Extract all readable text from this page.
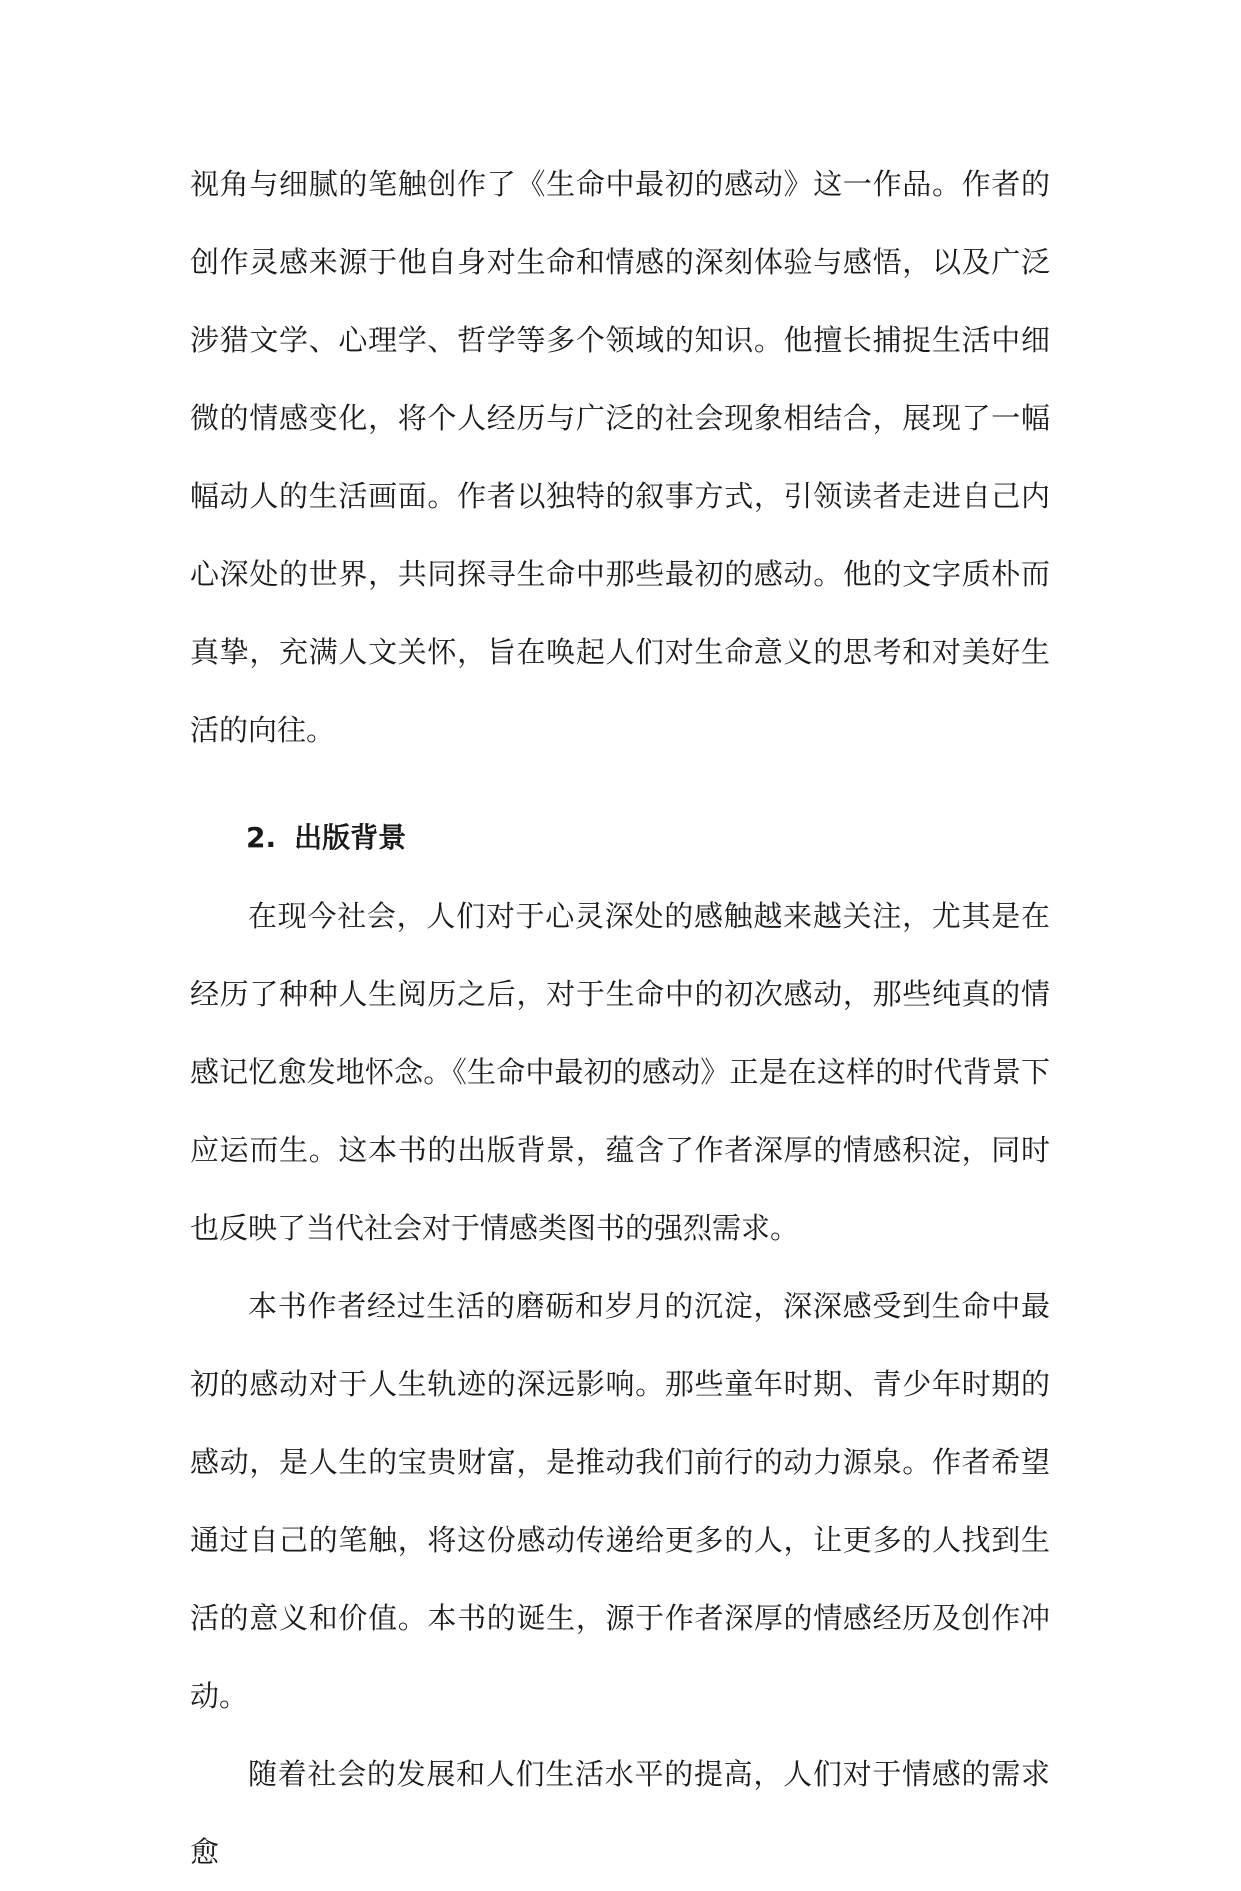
视角与细腻的笔触创作了《生命中最初的感动》这一作品。作者的创作灵感来源于他自身对生命和情感的深刻体验与感悟，以及广泛涉猎文学、心理学、哲学等多个领域的知识。他擅长捕捉生活中细微的情感变化，将个人经历与广泛的社会现象相结合，展现了一幅幅动人的生活画面。作者以独特的叙事方式，引领读者走进自己内心深处的世界，共同探寻生命中那些最初的感动。他的文字质朴而真挚，充满人文关怀，旨在唤起人们对生命意义的思考和对美好生活的向往。

2. 出版背景

在现今社会，人们对于心灵深处的感触越来越关注，尤其是在经历了种种人生阅历之后，对于生命中的初次感动，那些纯真的情感记忆愈发地怀念。《生命中最初的感动》正是在这样的时代背景下应运而生。这本书的出版背景，蕴含了作者深厚的情感积淀，同时也反映了当代社会对于情感类图书的强烈需求。

本书作者经过生活的磨砺和岁月的沉淀，深深感受到生命中最初的感动对于人生轨迹的深远影响。那些童年时期、青少年时期的感动，是人生的宝贵财富，是推动我们前行的动力源泉。作者希望通过自己的笔触，将这份感动传递给更多的人，让更多的人找到生活的意义和价值。本书的诞生，源于作者深厚的情感经历及创作冲动。

随着社会的发展和人们生活水平的提高，人们对于情感的需求愈
